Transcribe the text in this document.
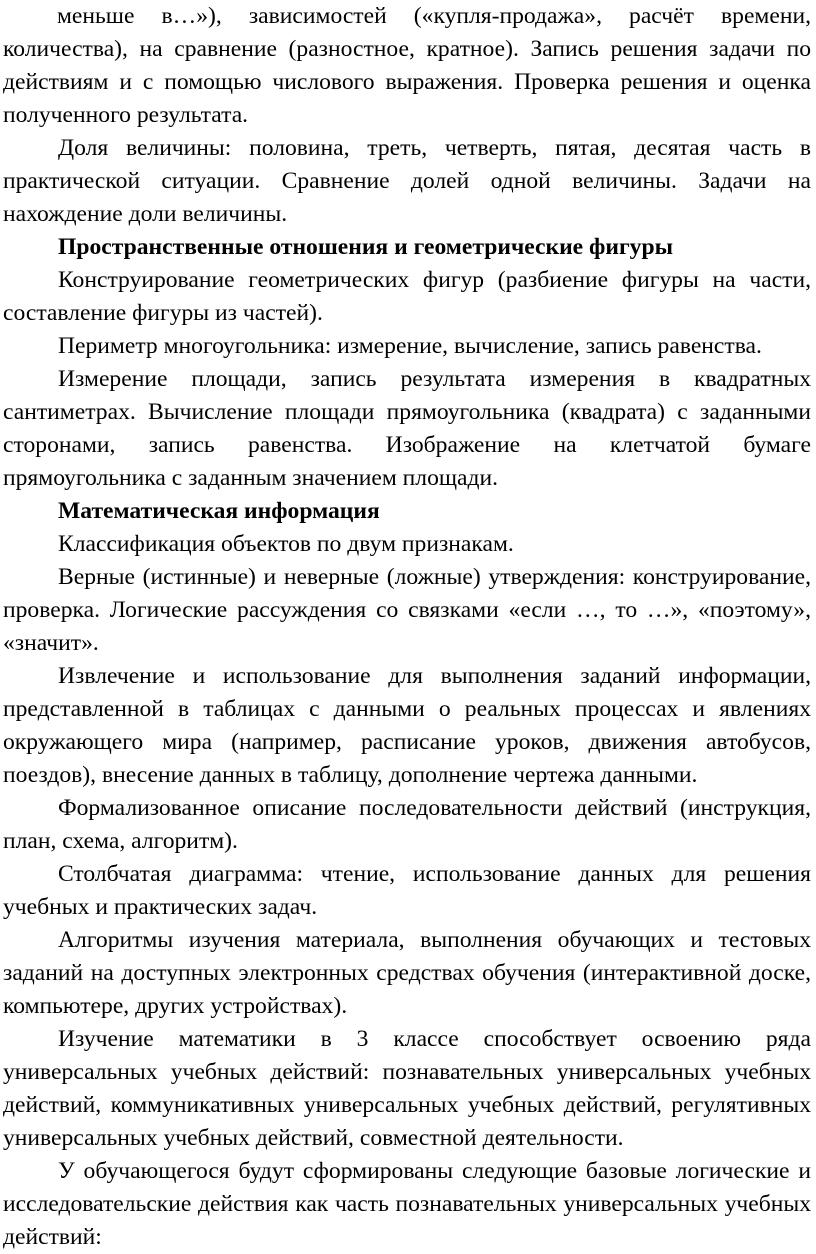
меньше в…»), зависимостей («купля-продажа», расчёт времени, количества), на сравнение (разностное, кратное). Запись решения задачи по действиям и с помощью числового выражения. Проверка решения и оценка полученного результата.

Доля величины: половина, треть, четверть, пятая, десятая часть в практической ситуации. Сравнение долей одной величины. Задачи на нахождение доли величины.

Пространственные отношения и геометрические фигуры

Конструирование геометрических фигур (разбиение фигуры на части, составление фигуры из частей).

Периметр многоугольника: измерение, вычисление, запись равенства.

Измерение площади, запись результата измерения в квадратных сантиметрах. Вычисление площади прямоугольника (квадрата) с заданными сторонами, запись равенства. Изображение на клетчатой бумаге прямоугольника с заданным значением площади.

Математическая информация

Классификация объектов по двум признакам.

Верные (истинные) и неверные (ложные) утверждения: конструирование, проверка. Логические рассуждения со связками «если …, то …», «поэтому», «значит».

Извлечение и использование для выполнения заданий информации, представленной в таблицах с данными о реальных процессах и явлениях окружающего мира (например, расписание уроков, движения автобусов, поездов), внесение данных в таблицу, дополнение чертежа данными.

Формализованное описание последовательности действий (инструкция, план, схема, алгоритм).

Столбчатая диаграмма: чтение, использование данных для решения учебных и практических задач.

Алгоритмы изучения материала, выполнения обучающих и тестовых заданий на доступных электронных средствах обучения (интерактивной доске, компьютере, других устройствах).

Изучение математики в 3 классе способствует освоению ряда универсальных учебных действий: познавательных универсальных учебных действий, коммуникативных универсальных учебных действий, регулятивных универсальных учебных действий, совместной деятельности.

У обучающегося будут сформированы следующие базовые логические и исследовательские действия как часть познавательных универсальных учебных действий:
